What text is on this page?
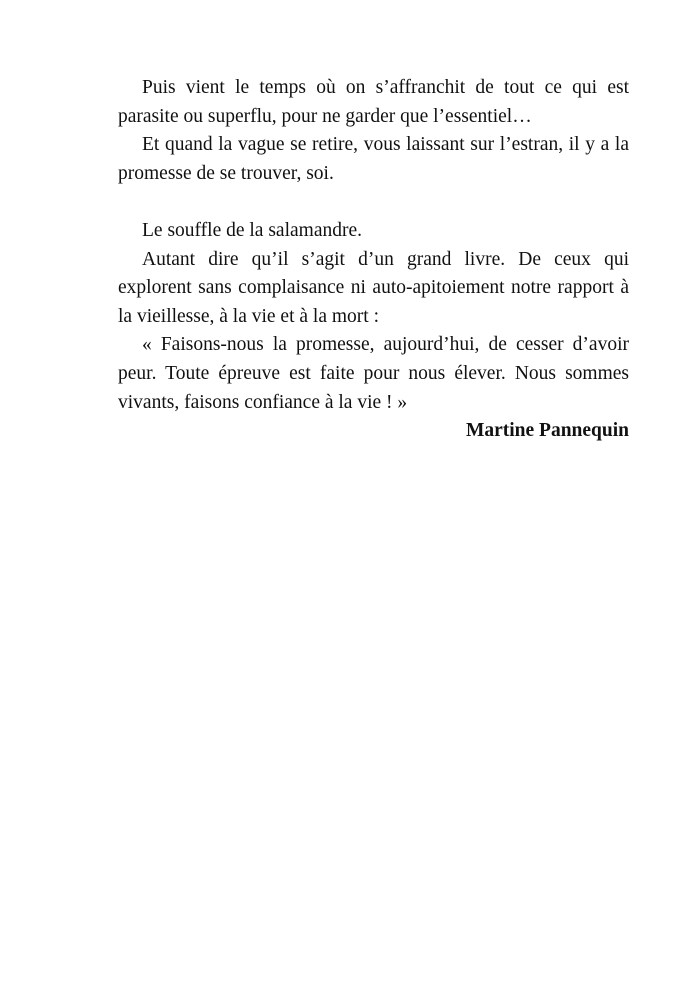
Puis vient le temps où on s’affranchit de tout ce qui est parasite ou superflu, pour ne garder que l’essentiel…

Et quand la vague se retire, vous laissant sur l’estran, il y a la promesse de se trouver, soi.

Le souffle de la salamandre.

Autant dire qu’il s’agit d’un grand livre. De ceux qui explorent sans complaisance ni auto-apitoiement notre rapport à la vieillesse, à la vie et à la mort :

« Faisons-nous la promesse, aujourd’hui, de cesser d’avoir peur. Toute épreuve est faite pour nous élever. Nous sommes vivants, faisons confiance à la vie ! »

Martine Pannequin
